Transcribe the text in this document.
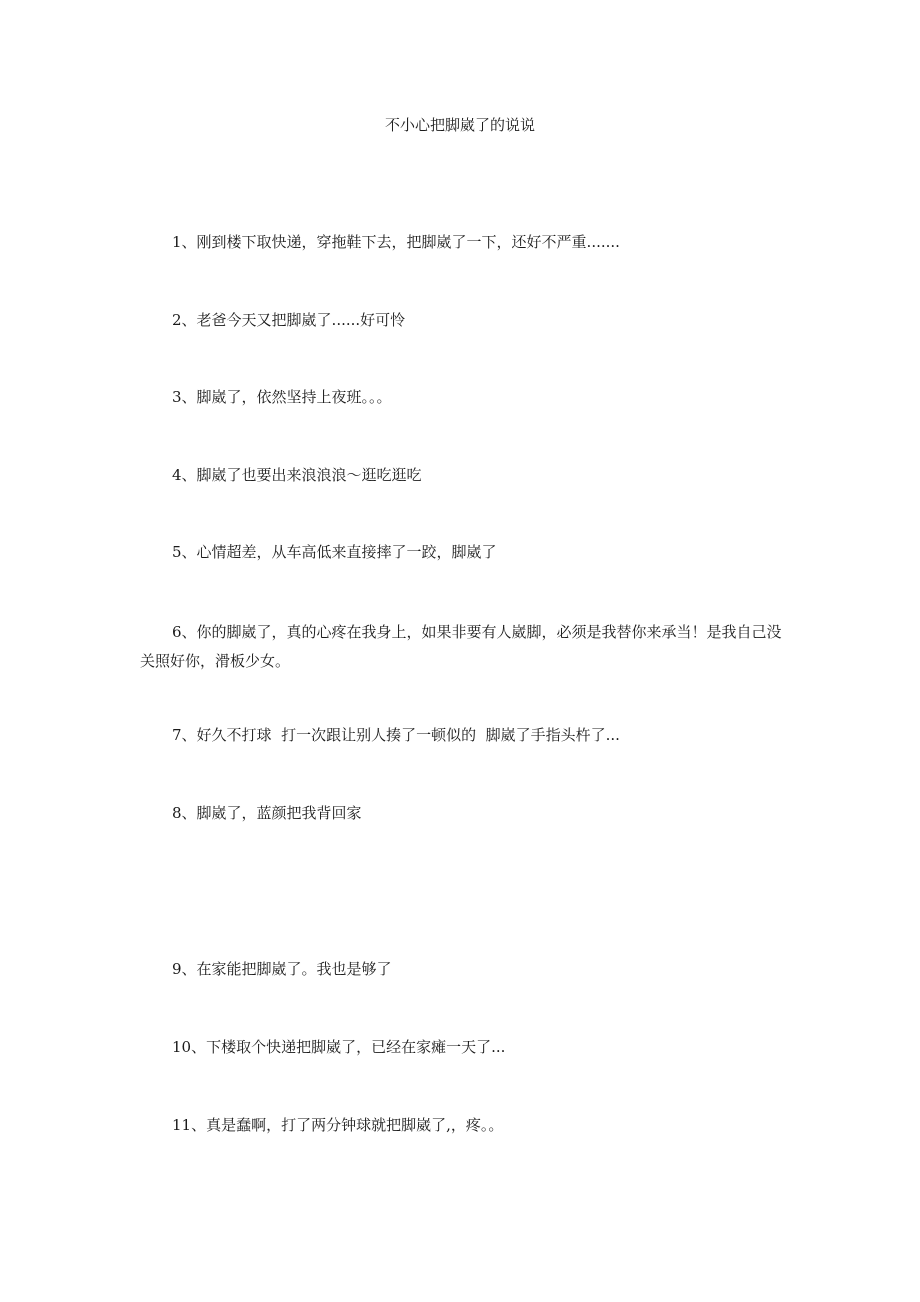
不小心把脚崴了的说说
1、刚到楼下取快递，穿拖鞋下去，把脚崴了一下，还好不严重.......
2、老爸今天又把脚崴了......好可怜
3、脚崴了，依然坚持上夜班。。。
4、脚崴了也要出来浪浪浪～逛吃逛吃
5、心情超差，从车高低来直接摔了一跤，脚崴了
6、你的脚崴了，真的心疼在我身上，如果非要有人崴脚，必须是我替你来承当！是我自己没关照好你，滑板少女。
7、好久不打球  打一次跟让别人揍了一顿似的  脚崴了手指头杵了...
8、脚崴了，蓝颜把我背回家
9、在家能把脚崴了。我也是够了
10、下楼取个快递把脚崴了，已经在家瘫一天了...
11、真是蠢啊，打了两分钟球就把脚崴了,，疼。。
